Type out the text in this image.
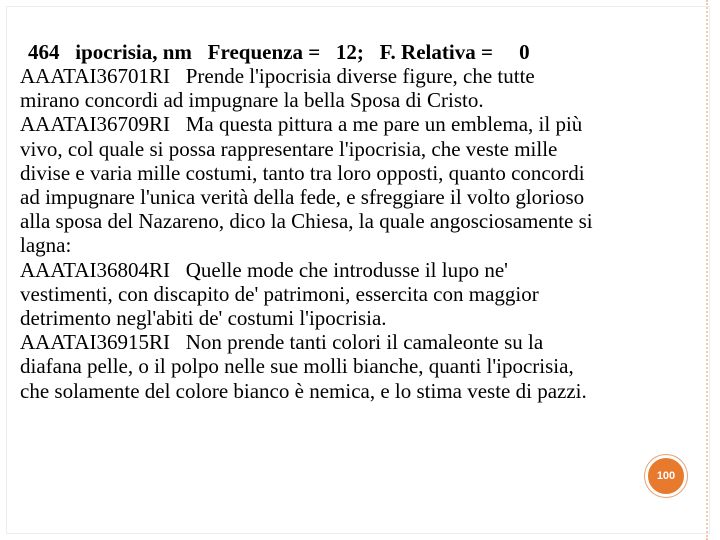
464   ipocrisia, nm   Frequenza =   12;   F. Relativa =     0
AAATAI36701RI   Prende l'ipocrisia diverse figure, che tutte
mirano concordi ad impugnare la bella Sposa di Cristo.
AAATAI36709RI   Ma questa pittura a me pare un emblema, il più
vivo, col quale si possa rappresentare l'ipocrisia, che veste mille
divise e varia mille costumi, tanto tra loro opposti, quanto concordi
ad impugnare l'unica verità della fede, e sfreggiare il volto glorioso
alla sposa del Nazareno, dico la Chiesa, la quale angosciosamente si
lagna:
AAATAI36804RI   Quelle mode che introdusse il lupo ne'
vestimenti, con discapito de' patrimoni, essercita con maggior
detrimento negl'abiti de' costumi l'ipocrisia.
AAATAI36915RI   Non prende tanti colori il camaleonte su la
diafana pelle, o il polpo nelle sue molli bianche, quanti l'ipocrisia,
che solamente del colore bianco è nemica, e lo stima veste di pazzi.
100
